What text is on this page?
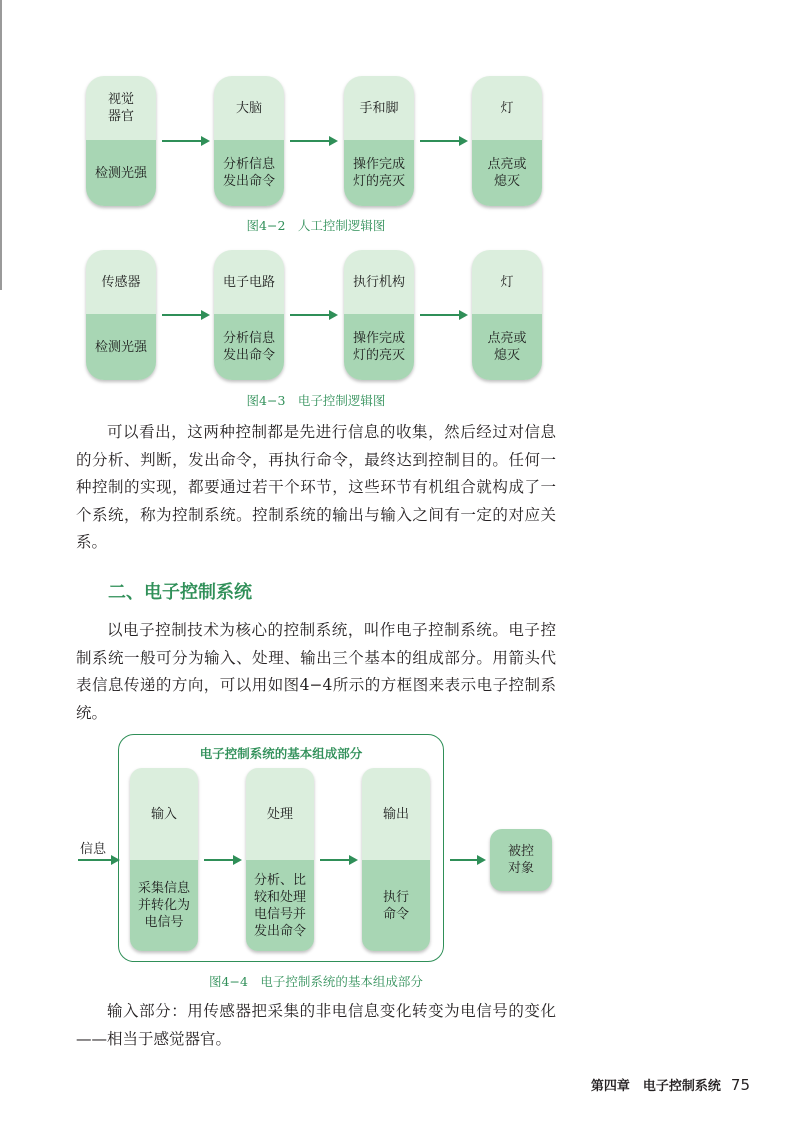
视觉
器官
检测光强
大脑
分析信息
发出命令
手和脚
操作完成
灯的亮灭
灯
点亮或
熄灭
图4−2　人工控制逻辑图
传感器
检测光强
电子电路
分析信息
发出命令
执行机构
操作完成
灯的亮灭
灯
点亮或
熄灭
图4−3　电子控制逻辑图

可以看出，这两种控制都是先进行信息的收集，然后经过对信息的分析、判断，发出命令，再执行命令，最终达到控制目的。任何一种控制的实现，都要通过若干个环节，这些环节有机组合就构成了一个系统，称为控制系统。控制系统的输出与输入之间有一定的对应关系。

二、电子控制系统

以电子控制技术为核心的控制系统，叫作电子控制系统。电子控制系统一般可分为输入、处理、输出三个基本的组成部分。用箭头代表信息传递的方向，可以用如图4−4所示的方框图来表示电子控制系统。

电子控制系统的基本组成部分
信息
输入
采集信息
并转化为
电信号
处理
分析、比
较和处理
电信号并
发出命令
输出
执行
命令
被控
对象
图4−4　电子控制系统的基本组成部分

输入部分：用传感器把采集的非电信息变化转变为电信号的变化——相当于感觉器官。

第四章　电子控制系统 75
